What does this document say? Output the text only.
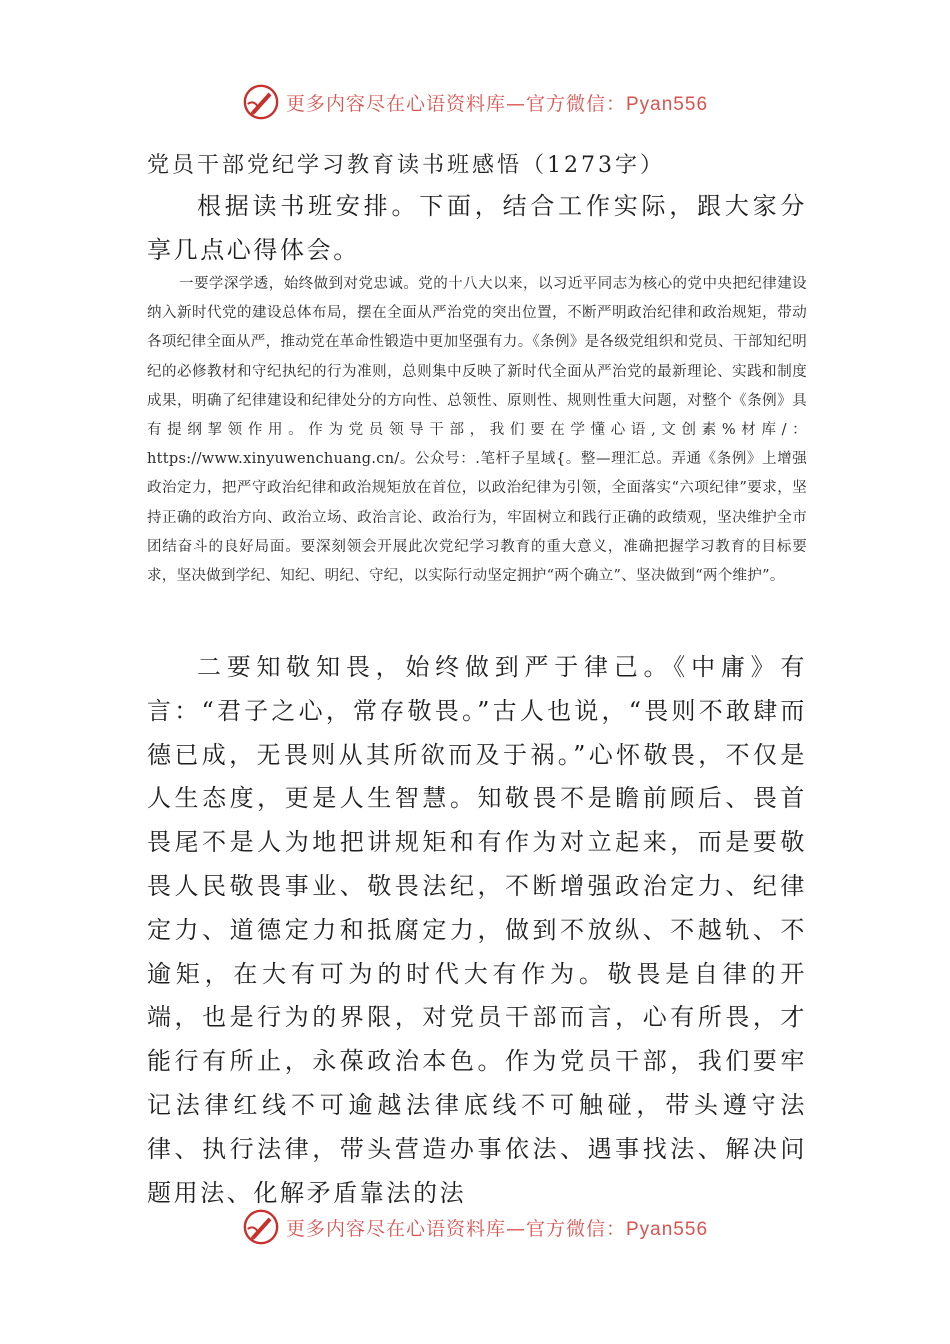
更多内容尽在心语资料库—官方微信：Pyan556
党员干部党纪学习教育读书班感悟（1273字）
根据读书班安排。下面，结合工作实际，跟大家分享几点心得体会。
一要学深学透，始终做到对党忠诚。党的十八大以来，以习近平同志为核心的党中央把纪律建设纳入新时代党的建设总体布局，摆在全面从严治党的突出位置，不断严明政治纪律和政治规矩，带动各项纪律全面从严，推动党在革命性锻造中更加坚强有力。《条例》是各级党组织和党员、干部知纪明纪的必修教材和守纪执纪的行为准则，总则集中反映了新时代全面从严治党的最新理论、实践和制度成果，明确了纪律建设和纪律处分的方向性、总领性、原则性、规则性重大问题，对整个《条例》具有提纲挈领作用。作为党员领导干部，我们要在学懂心语,文创素%材库/：https://www.xinyuwenchuang.cn/。公众号：.笔杆子星域{。整—理汇总。弄通《条例》上增强政治定力，把严守政治纪律和政治规矩放在首位，以政治纪律为引领，全面落实“六项纪律”要求，坚持正确的政治方向、政治立场、政治言论、政治行为，牢固树立和践行正确的政绩观，坚决维护全市团结奋斗的良好局面。要深刻领会开展此次党纪学习教育的重大意义，准确把握学习教育的目标要求，坚决做到学纪、知纪、明纪、守纪，以实际行动坚定拥护“两个确立”、坚决做到“两个维护”。
二要知敬知畏，始终做到严于律己。《中庸》有言：“君子之心，常存敬畏。”古人也说，“畏则不敢肆而德已成，无畏则从其所欲而及于祸。”心怀敬畏，不仅是人生态度，更是人生智慧。知敬畏不是瞻前顾后、畏首畏尾不是人为地把讲规矩和有作为对立起来，而是要敬畏人民敬畏事业、敬畏法纪，不断增强政治定力、纪律定力、道德定力和抵腐定力，做到不放纵、不越轨、不逾矩，在大有可为的时代大有作为。敬畏是自律的开端，也是行为的界限，对党员干部而言，心有所畏，才能行有所止，永葆政治本色。作为党员干部，我们要牢记法律红线不可逾越法律底线不可触碰，带头遵守法律、执行法律，带头营造办事依法、遇事找法、解决问题用法、化解矛盾靠法的法
更多内容尽在心语资料库—官方微信：Pyan556
